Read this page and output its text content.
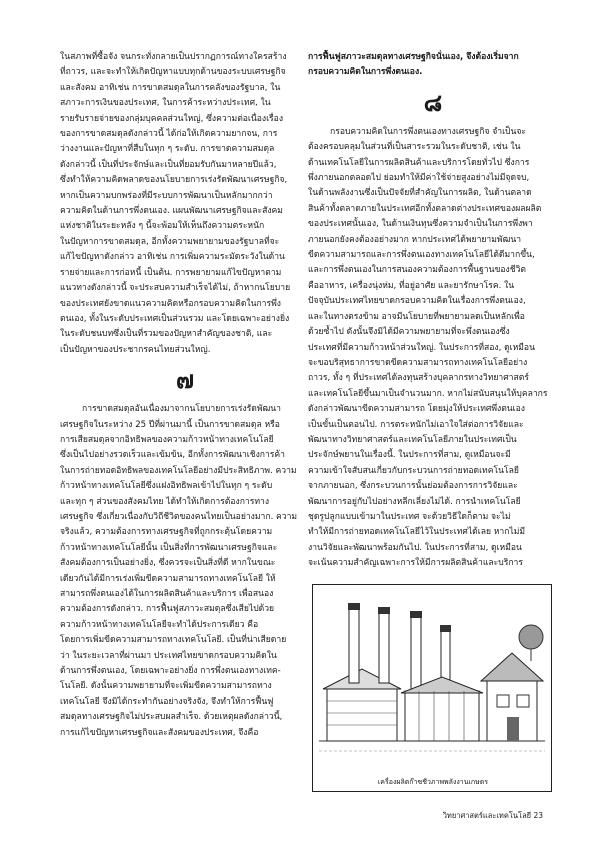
ในสภาพที่ซื้อจัง จนกระทั่งกลายเป็นปรากฏการณ์ทางใครสร้าง
ที่ถาวร, และจะทำให้เกิดปัญหาแบบทุกด้านของระบบเศรษฐกิจ
และสังคม อาทิเช่น การขาดสมดุลในการคลังของรัฐบาล, ใน
สภาวะการเงินของประเทศ, ในการค้าระหว่างประเทศ, ใน
รายรับรายจ่ายของกลุ่มบุคคลส่วนใหญ่, ซึ่งความต่อเนื่องเรื่อง
ของการขาดสมดุลดังกล่าวนี้ ได้ก่อให้เกิดความยากจน, การ
ว่างงานและปัญหาที่สืบในทุก ๆ ระดับ. การขาดความสมดุล
ดังกล่าวนี้ เป็นที่ประจักษ์และเป็นที่ยอมรับกันมาหลายปีแล้ว,
ซึ่งทำให้ความคิดพลาดของนโยบายการเร่งรัดพัฒนาเศรษฐกิจ,
หากเป็นความบกพร่องที่มีระบบการพัฒนาเป็นหลักมากกว่า
ความคิดในด้านการพึ่งตนเอง. แผนพัฒนาเศรษฐกิจและสังคม
แห่งชาติในระยะหลัง ๆ นี้จะพ้อมให้เห็นถึงความตระหนัก
ในปัญหาการขาดสมดุล, อีกทั้งความพยายามของรัฐบาลที่จะ
แก้ไขปัญหาดังกล่าว อาทิเช่น การเพิ่มความระมัดระวังในด้าน
รายจ่ายและการก่อหนี้ เป็นต้น. การพยายามแก้ไขปัญหาตาม
แนวทางดังกล่าวนี้ จะประสบความสำเร็จได้ไม่, ถ้าหากนโยบาย
ของประเทศยังขาดแนวความคิดหรือกรอบความคิดในการพึ่ง
ตนเอง, ทั้งในระดับประเทศเป็นส่วนรวม และโดยเฉพาะอย่างยิ่ง
ในระดับชนบทซึ่งเป็นที่รวมของปัญหาสำคัญของชาติ, และ
เป็นปัญหาของประชากรคนไทยส่วนใหญ่.

๗

การขาดสมดุลอันเนื่องมาจากนโยบายการเร่งรัดพัฒนา
เศรษฐกิจในระหว่าง 25 ปีที่ผ่านมานี้ เป็นการขาดสมดุล หรือ
การเสียสมดุลจากอิทธิพลของความก้าวหน้าทางเทคโนโลยี
ซึ่งเป็นไปอย่างรวดเร็วและเข้มข้น, อีกทั้งการพัฒนาเชิงการค้า
ในการถ่ายทอดอิทธิพลของเทคโนโลยีอย่างมีประสิทธิภาพ. ความ
ก้าวหน้าทางเทคโนโลยีซึ่งแฝงอิทธิพลเข้าไปในทุก ๆ ระดับ
และทุก ๆ ส่วนของสังคมไทย ได้ทำให้เกิดการต้องการทาง
เศรษฐกิจ ซึ่งเกี่ยวเนื่องกับวิถีชีวิตของคนไทยเป็นอย่างมาก. ความ
จริงแล้ว, ความต้องการทางเศรษฐกิจที่ถูกกระตุ้นโดยความ
ก้าวหน้าทางเทคโนโลยีนั้น เป็นสิ่งที่การพัฒนาเศรษฐกิจและ
สังคมต้องการเป็นอย่างยิ่ง, ซึ่งควรจะเป็นสิ่งที่ดี หากในขณะ
เดียวกันได้มีการเร่งเพิ่มขีดความสามารถทางเทคโนโลยี ให้
สามารถพึ่งตนเองได้ในการผลิตสินค้าและบริการ เพื่อสนอง
ความต้องการดังกล่าว. การฟื้นฟูสภาวะสมดุลซึ่งเสียไปด้วย
ความก้าวหน้าทางเทคโนโลยีจะทำได้ประการเดียว คือ
โดยการเพิ่มขีดความสามารถทางเทคโนโลยี. เป็นที่น่าเสียดาย
ว่า ในระยะเวลาที่ผ่านมา ประเทศไทยขาดกรอบความคิดใน
ด้านการพึ่งตนเอง, โดยเฉพาะอย่างยิ่ง การพึ่งตนเองทางเทค-
โนโลยี. ดังนั้นความพยายามที่จะเพิ่มขีดความสามารถทาง
เทคโนโลยี จึงมิได้กระทำกันอย่างจริงจัง, จึงทำให้การฟื้นฟู
สมดุลทางเศรษฐกิจไม่ประสบผลสำเร็จ. ด้วยเหตุผลดังกล่าวนี้,
การแก้ไขปัญหาเศรษฐกิจและสังคมของประเทศ, จึงคือ

การฟื้นฟูสภาวะสมดุลทางเศรษฐกิจนั่นเอง, จึงต้องเริ่มจาก
กรอบความคิดในการพึ่งตนเอง.

๘

กรอบความคิดในการพึ่งตนเองทางเศรษฐกิจ จำเป็นจะ
ต้องครอบคลุมในส่วนที่เป็นสาระรวมในระดับชาติ, เช่น ใน
ด้านเทคโนโลยีในการผลิตสินค้าและบริการโดยทั่วไป ซึ่งการ
พึ่งภายนอกตลอดไป ย่อมทำให้มีค่าใช้จ่ายสูงอย่างไม่มีจุดจบ,
ในด้านพลังงานซึ่งเป็นปัจจัยที่สำคัญในการผลิต, ในด้านตลาด
สินค้าทั้งตลาดภายในประเทศอีกทั้งตลาดต่างประเทศของผลผลิต
ของประเทศนั้นเอง, ในด้านเงินทุนซึ่งความจำเป็นในการพึ่งพา
ภายนอกยังคงต้องอย่างมาก หากประเทศได้พยายามพัฒนา
ขีดความสามารถและการพึ่งตนเองทางเทคโนโลยีได้ดีมากขึ้น,
และการพึ่งตนเองในการสนองความต้องการพื้นฐานของชีวิต
คืออาหาร, เครื่องนุ่งห่ม, ที่อยู่อาศัย และยารักษาโรค. ใน
ปัจจุบันประเทศไทยขาดกรอบความคิดในเรื่องการพึ่งตนเอง,
และในทางตรงข้าม อาจมีนโยบายที่พยายามลดเป็นหลักเพื่อ
ด้วยซ้ำไป ดังนั้นจึงมิได้มีความพยายามที่จะพึ่งตนเองซึ่ง
ประเทศที่มีความก้าวหน้าส่วนใหญ่. ในประการที่สอง, ดูเหมือน
จะขอบริสุทธาการขาดขีดความสามารถทางเทคโนโลยีอย่าง
ถาวร, ทั้ง ๆ ที่ประเทศได้ลงทุนสร้างบุคลากรทางวิทยาศาสตร์
และเทคโนโลยีขึ้นมาเป็นจำนวนมาก. หากไม่สนับสนุนให้บุคลากร
ดังกล่าวพัฒนาขีดความสามารถ โดยมุ่งให้ประเทศพึ่งตนเอง
เป็นขั้นเป็นตอนไป. การตระหนักไม่เอาใจใส่ต่อการวิจัยและ
พัฒนาทางวิทยาศาสตร์และเทคโนโลยีภายในประเทศเป็น
ประจักษ์พยานในเรื่องนี้. ในประการที่สาม, ดูเหมือนจะมี
ความเข้าใจสับสนเกี่ยวกับกระบวนการถ่ายทอดเทคโนโลยี
จากภายนอก, ซึ่งกระบวนการนั้นย่อมต้องการการวิจัยและ
พัฒนาการอยู่กับไปอย่างหลีกเลี่ยงไม่ได้. การนำเทคโนโลยี
ชุดรูปลูกแบบเข้ามาในประเทศ จะด้วยวิธีใดก็ตาม จะไม่
ทำให้มีการถ่ายทอดเทคโนโลยีไว้ในประเทศได้เลย หากไม่มี
งานวิจัยและพัฒนาพร้อมกันไป. ในประการที่สาม, ดูเหมือน
จะเน้นความสำคัญเฉพาะการให้มีการผลิตสินค้าและบริการ

เครื่องผลิตก๊าซชีวภาพพลังงานเกษตร
วิทยาศาสตร์และเทคโนโลยี 23
